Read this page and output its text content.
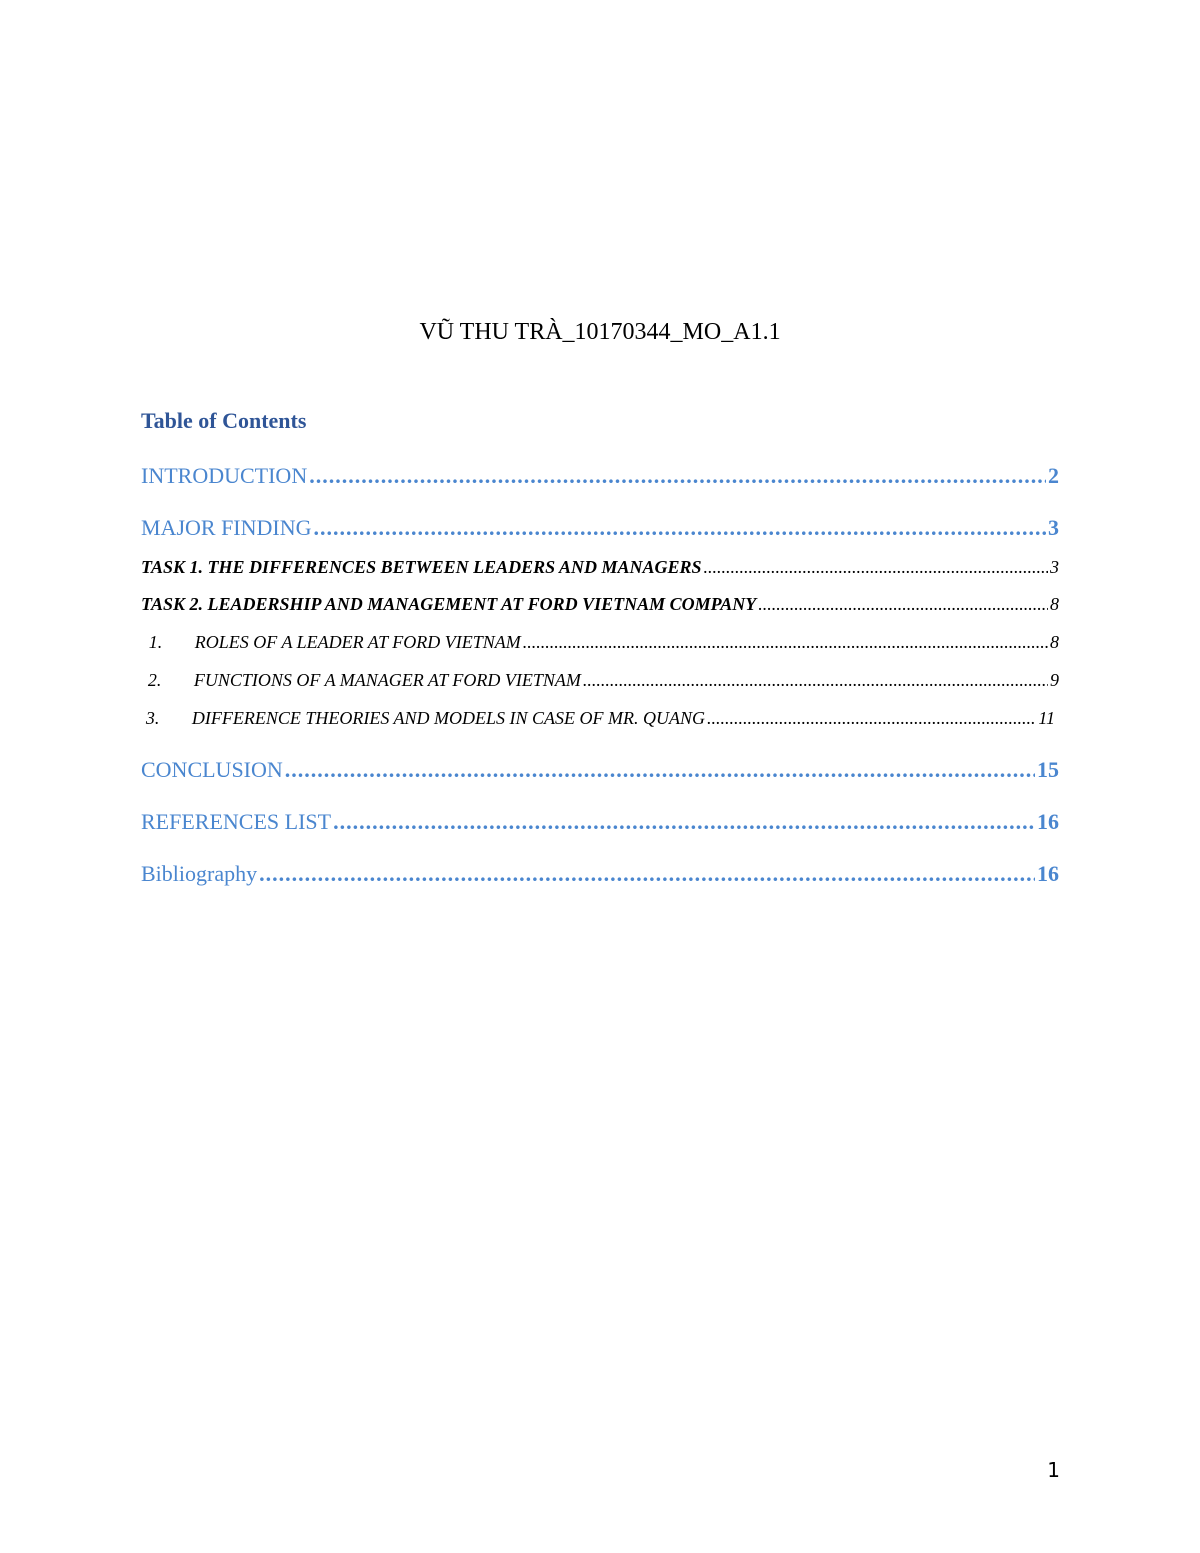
VŨ THU TRÀ_10170344_MO_A1.1
Table of Contents
INTRODUCTION .....	2
MAJOR FINDING .....	3
TASK 1. THE DIFFERENCES BETWEEN LEADERS AND MANAGERS .....	3
TASK 2. LEADERSHIP AND MANAGEMENT AT FORD VIETNAM COMPANY .....	8
1.	ROLES OF A LEADER AT FORD VIETNAM .....	8
2.	FUNCTIONS OF A MANAGER AT FORD VIETNAM .....	9
3.	DIFFERENCE THEORIES AND MODELS IN CASE OF MR. QUANG .....	11
CONCLUSION .....	15
REFERENCES LIST .....	16
Bibliography .....	16
1
